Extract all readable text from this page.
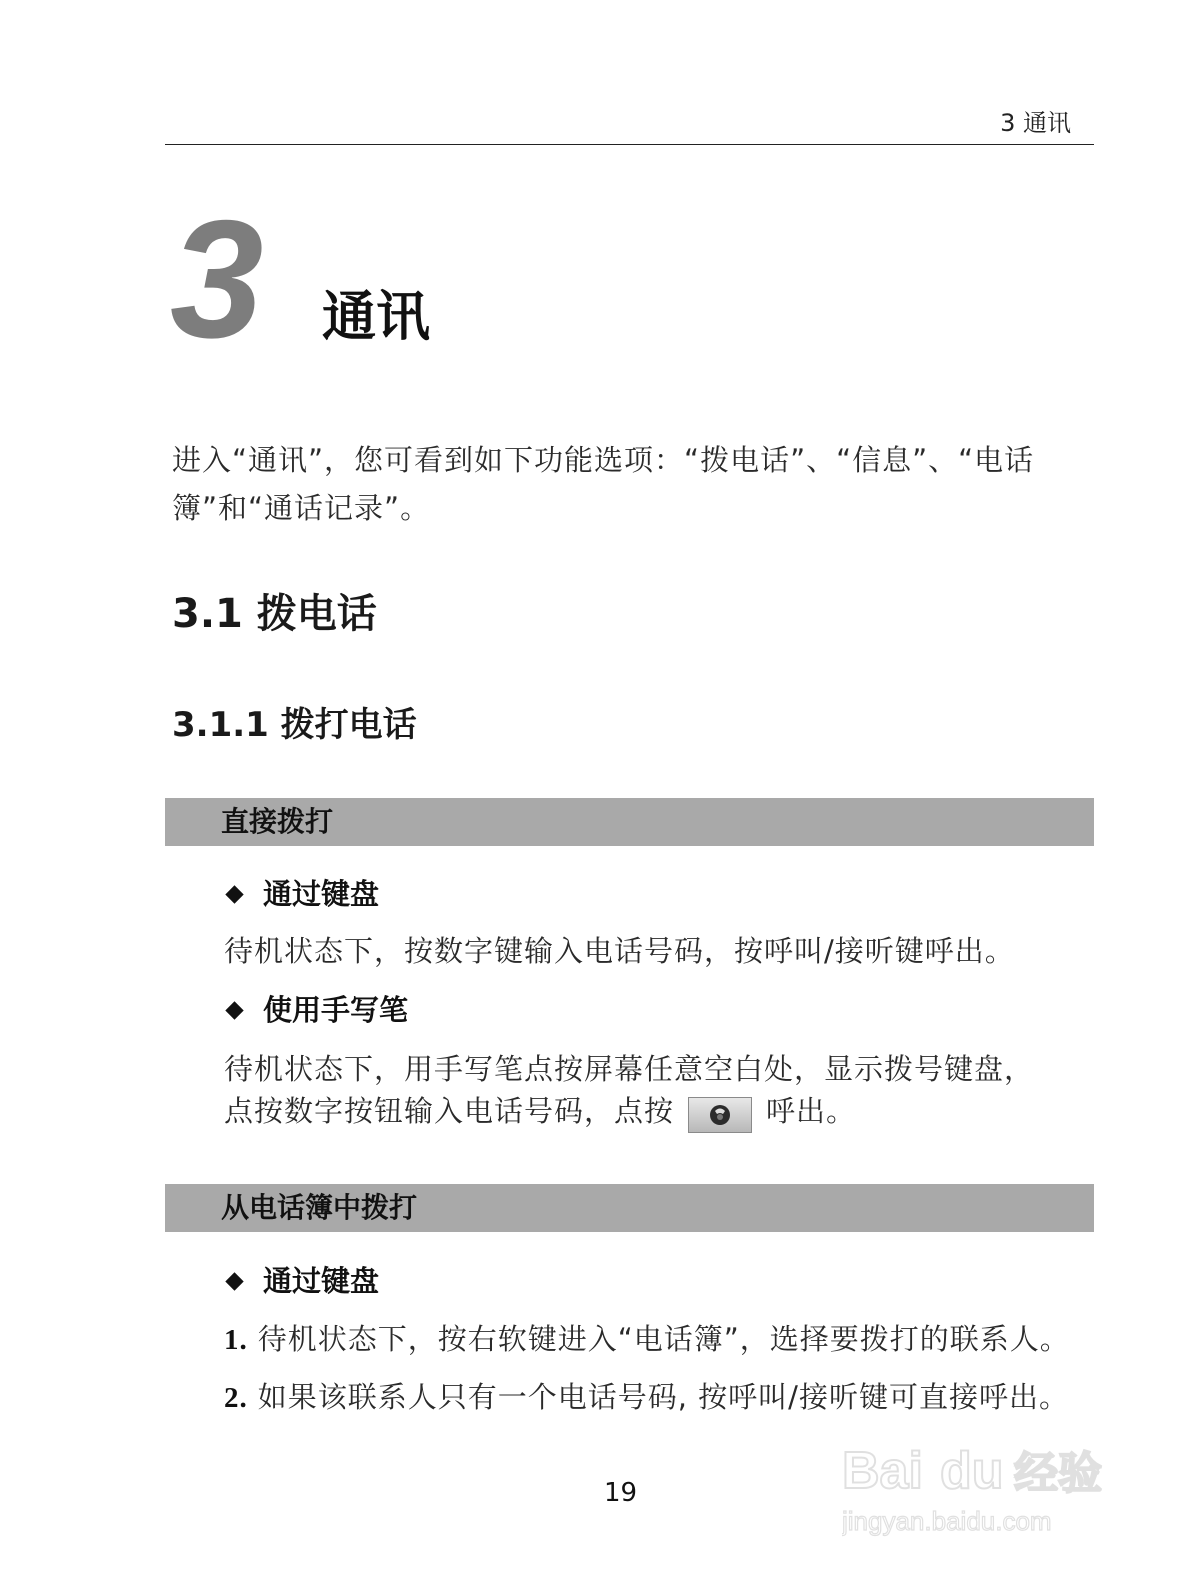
3 通讯
3 通讯

进入“通讯”，您可看到如下功能选项：“拨电话”、“信息”、“电话簿”和“通话记录”。

3.1 拨电话
3.1.1 拨打电话
直接拨打
通过键盘

待机状态下，按数字键输入电话号码，按呼叫/接听键呼出。

使用手写笔

待机状态下，用手写笔点按屏幕任意空白处，显示拨号键盘，
点按数字按钮输入电话号码，点按	呼出。

从电话簿中拨打
通过键盘

1. 待机状态下，按右软键进入“电话簿”，选择要拨打的联系人。

2. 如果该联系人只有一个电话号码, 按呼叫/接听键可直接呼出。

19	Bai du 经验
jingyan.baidu.com
